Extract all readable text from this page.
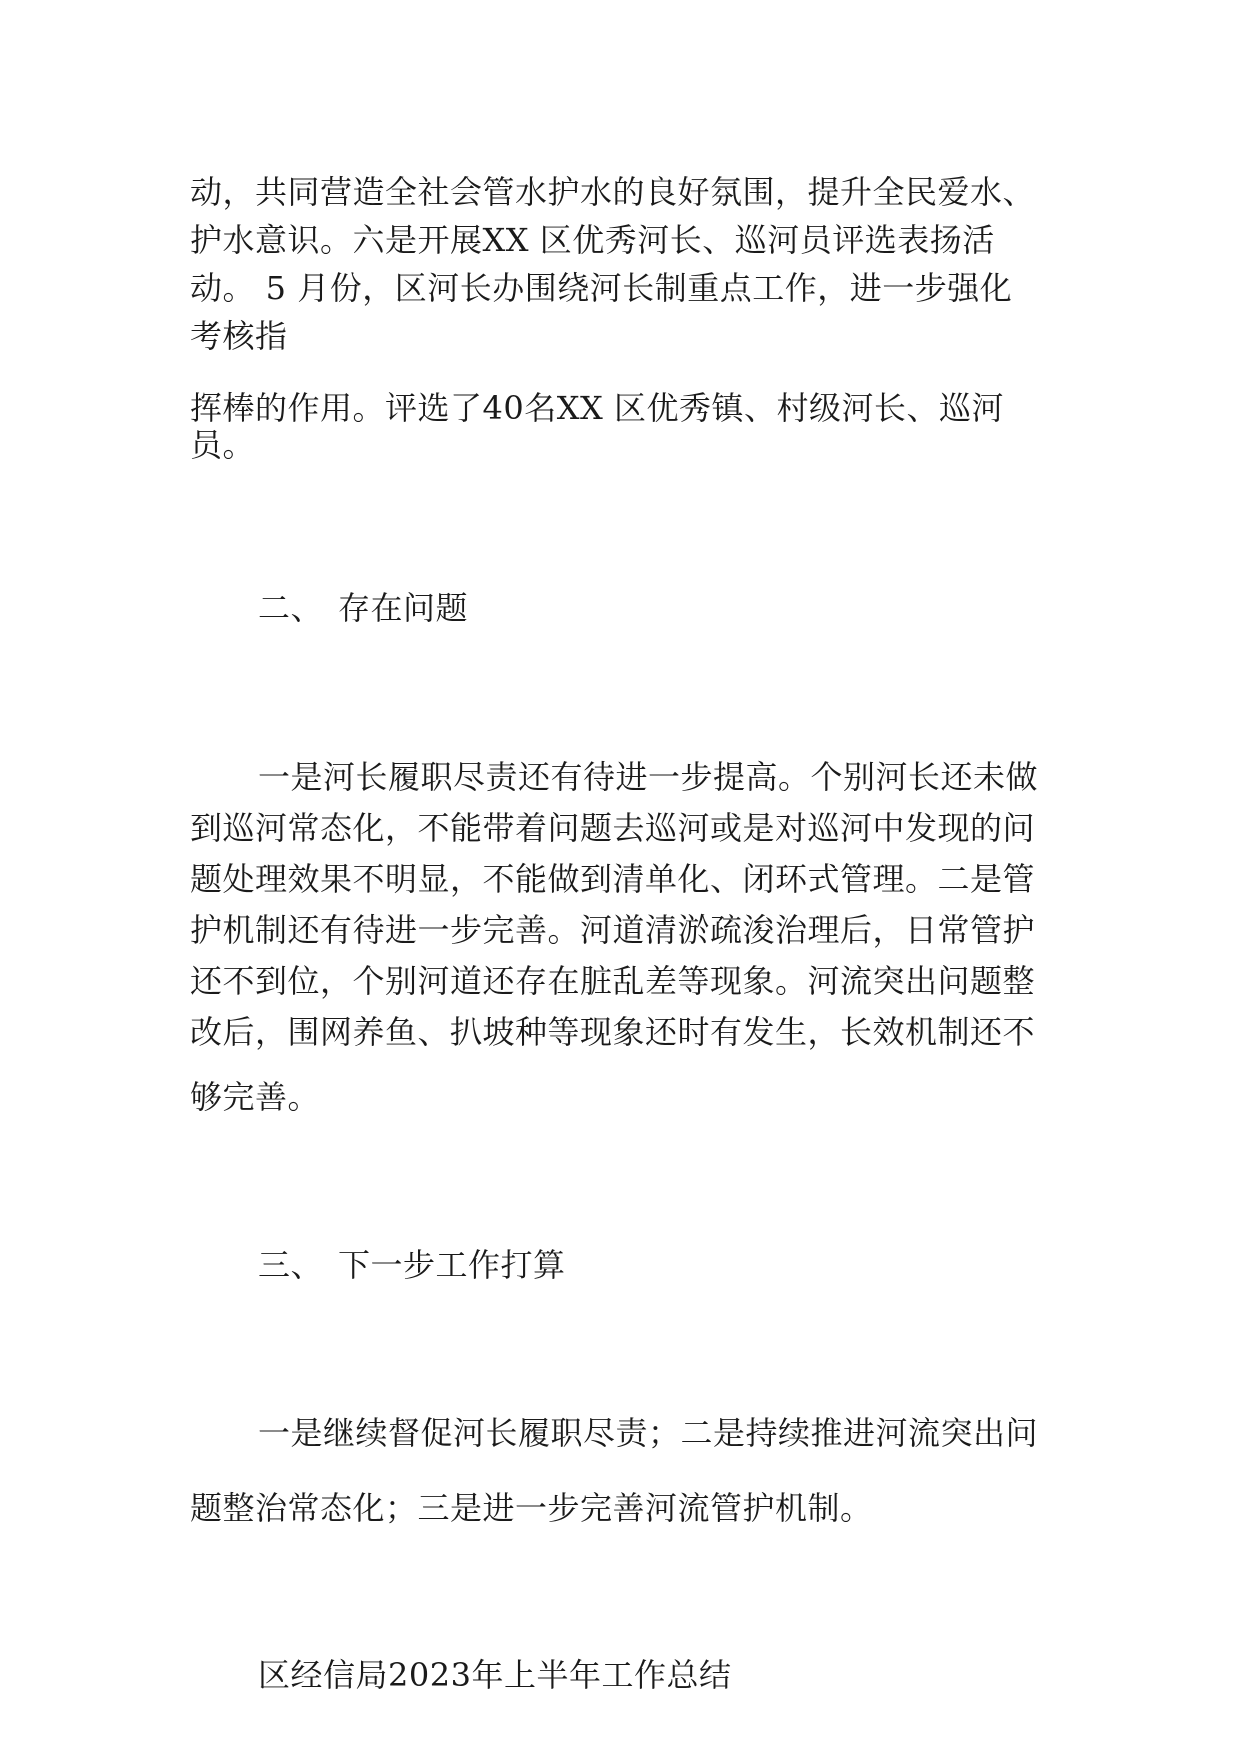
动，共同营造全社会管水护水的良好氛围，提升全民爱水、
护水意识。六是开展XX 区优秀河长、巡河员评选表扬活
动。 5 月份，区河长办围绕河长制重点工作，进一步强化
考核指
挥棒的作用。评选了40名XX 区优秀镇、村级河长、巡河
员。
二、 存在问题
一是河长履职尽责还有待进一步提高。个别河长还未做
到巡河常态化，不能带着问题去巡河或是对巡河中发现的问
题处理效果不明显，不能做到清单化、闭环式管理。二是管
护机制还有待进一步完善。河道清淤疏浚治理后，日常管护
还不到位，个别河道还存在脏乱差等现象。河流突出问题整
改后，围网养鱼、扒坡种等现象还时有发生，长效机制还不
够完善。
三、 下一步工作打算
一是继续督促河长履职尽责；二是持续推进河流突出问
题整治常态化；三是进一步完善河流管护机制。
区经信局2023年上半年工作总结
